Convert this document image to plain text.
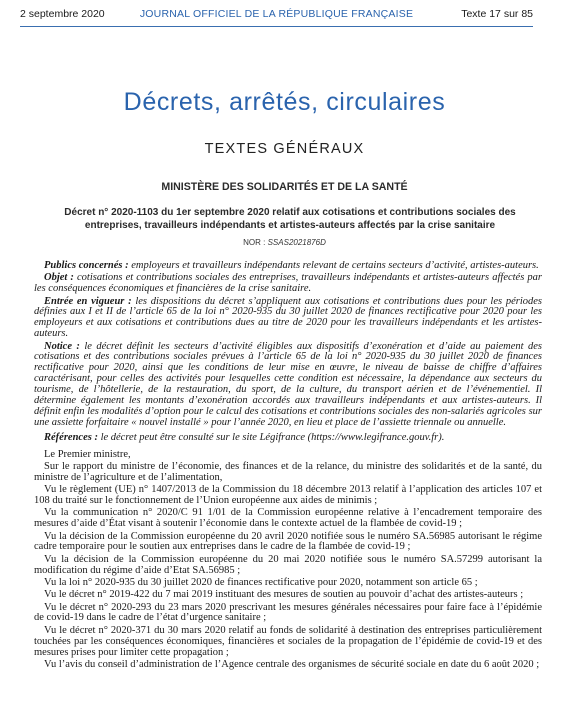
2 septembre 2020	JOURNAL OFFICIEL DE LA RÉPUBLIQUE FRANÇAISE	Texte 17 sur 85
Décrets, arrêtés, circulaires
TEXTES GÉNÉRAUX
MINISTÈRE DES SOLIDARITÉS ET DE LA SANTÉ
Décret n° 2020-1103 du 1er septembre 2020 relatif aux cotisations et contributions sociales des entreprises, travailleurs indépendants et artistes-auteurs affectés par la crise sanitaire
NOR : SSAS2021876D

Publics concernés : employeurs et travailleurs indépendants relevant de certains secteurs d’activité, artistes-auteurs.

Objet : cotisations et contributions sociales des entreprises, travailleurs indépendants et artistes-auteurs affectés par les conséquences économiques et financières de la crise sanitaire.

Entrée en vigueur : les dispositions du décret s’appliquent aux cotisations et contributions dues pour les périodes définies aux I et II de l’article 65 de la loi n° 2020-935 du 30 juillet 2020 de finances rectificative pour 2020 pour les employeurs et aux cotisations et contributions dues au titre de 2020 pour les travailleurs indépendants et les artistes-auteurs.

Notice : le décret définit les secteurs d’activité éligibles aux dispositifs d’exonération et d’aide au paiement des cotisations et des contributions sociales prévues à l’article 65 de la loi n° 2020-935 du 30 juillet 2020 de finances rectificative pour 2020, ainsi que les conditions de leur mise en œuvre, le niveau de baisse de chiffre d’affaires caractérisant, pour celles des activités pour lesquelles cette condition est nécessaire, la dépendance aux secteurs du tourisme, de l’hôtellerie, de la restauration, du sport, de la culture, du transport aérien et de l’événementiel. Il détermine également les montants d’exonération accordés aux travailleurs indépendants et aux artistes-auteurs. Il définit enfin les modalités d’option pour le calcul des cotisations et contributions sociales des non-salariés agricoles sur une assiette forfaitaire « nouvel installé » pour l’année 2020, en lieu et place de l’assiette triennale ou annuelle.

Références : le décret peut être consulté sur le site Légifrance (https://www.legifrance.gouv.fr).

Le Premier ministre,

Sur le rapport du ministre de l’économie, des finances et de la relance, du ministre des solidarités et de la santé, du ministre de l’agriculture et de l’alimentation,

Vu le règlement (UE) n° 1407/2013 de la Commission du 18 décembre 2013 relatif à l’application des articles 107 et 108 du traité sur le fonctionnement de l’Union européenne aux aides de minimis ;

Vu la communication n° 2020/C 91 1/01 de la Commission européenne relative à l’encadrement temporaire des mesures d’aide d’État visant à soutenir l’économie dans le contexte actuel de la flambée de covid-19 ;

Vu la décision de la Commission européenne du 20 avril 2020 notifiée sous le numéro SA.56985 autorisant le régime cadre temporaire pour le soutien aux entreprises dans le cadre de la flambée de covid-19 ;

Vu la décision de la Commission européenne du 20 mai 2020 notifiée sous le numéro SA.57299 autorisant la modification du régime d’aide d’Etat SA.56985 ;

Vu la loi n° 2020-935 du 30 juillet 2020 de finances rectificative pour 2020, notamment son article 65 ;

Vu le décret n° 2019-422 du 7 mai 2019 instituant des mesures de soutien au pouvoir d’achat des artistes-auteurs ;

Vu le décret n° 2020-293 du 23 mars 2020 prescrivant les mesures générales nécessaires pour faire face à l’épidémie de covid-19 dans le cadre de l’état d’urgence sanitaire ;

Vu le décret n° 2020-371 du 30 mars 2020 relatif au fonds de solidarité à destination des entreprises particulièrement touchées par les conséquences économiques, financières et sociales de la propagation de l’épidémie de covid-19 et des mesures prises pour limiter cette propagation ;

Vu l’avis du conseil d’administration de l’Agence centrale des organismes de sécurité sociale en date du 6 août 2020 ;
